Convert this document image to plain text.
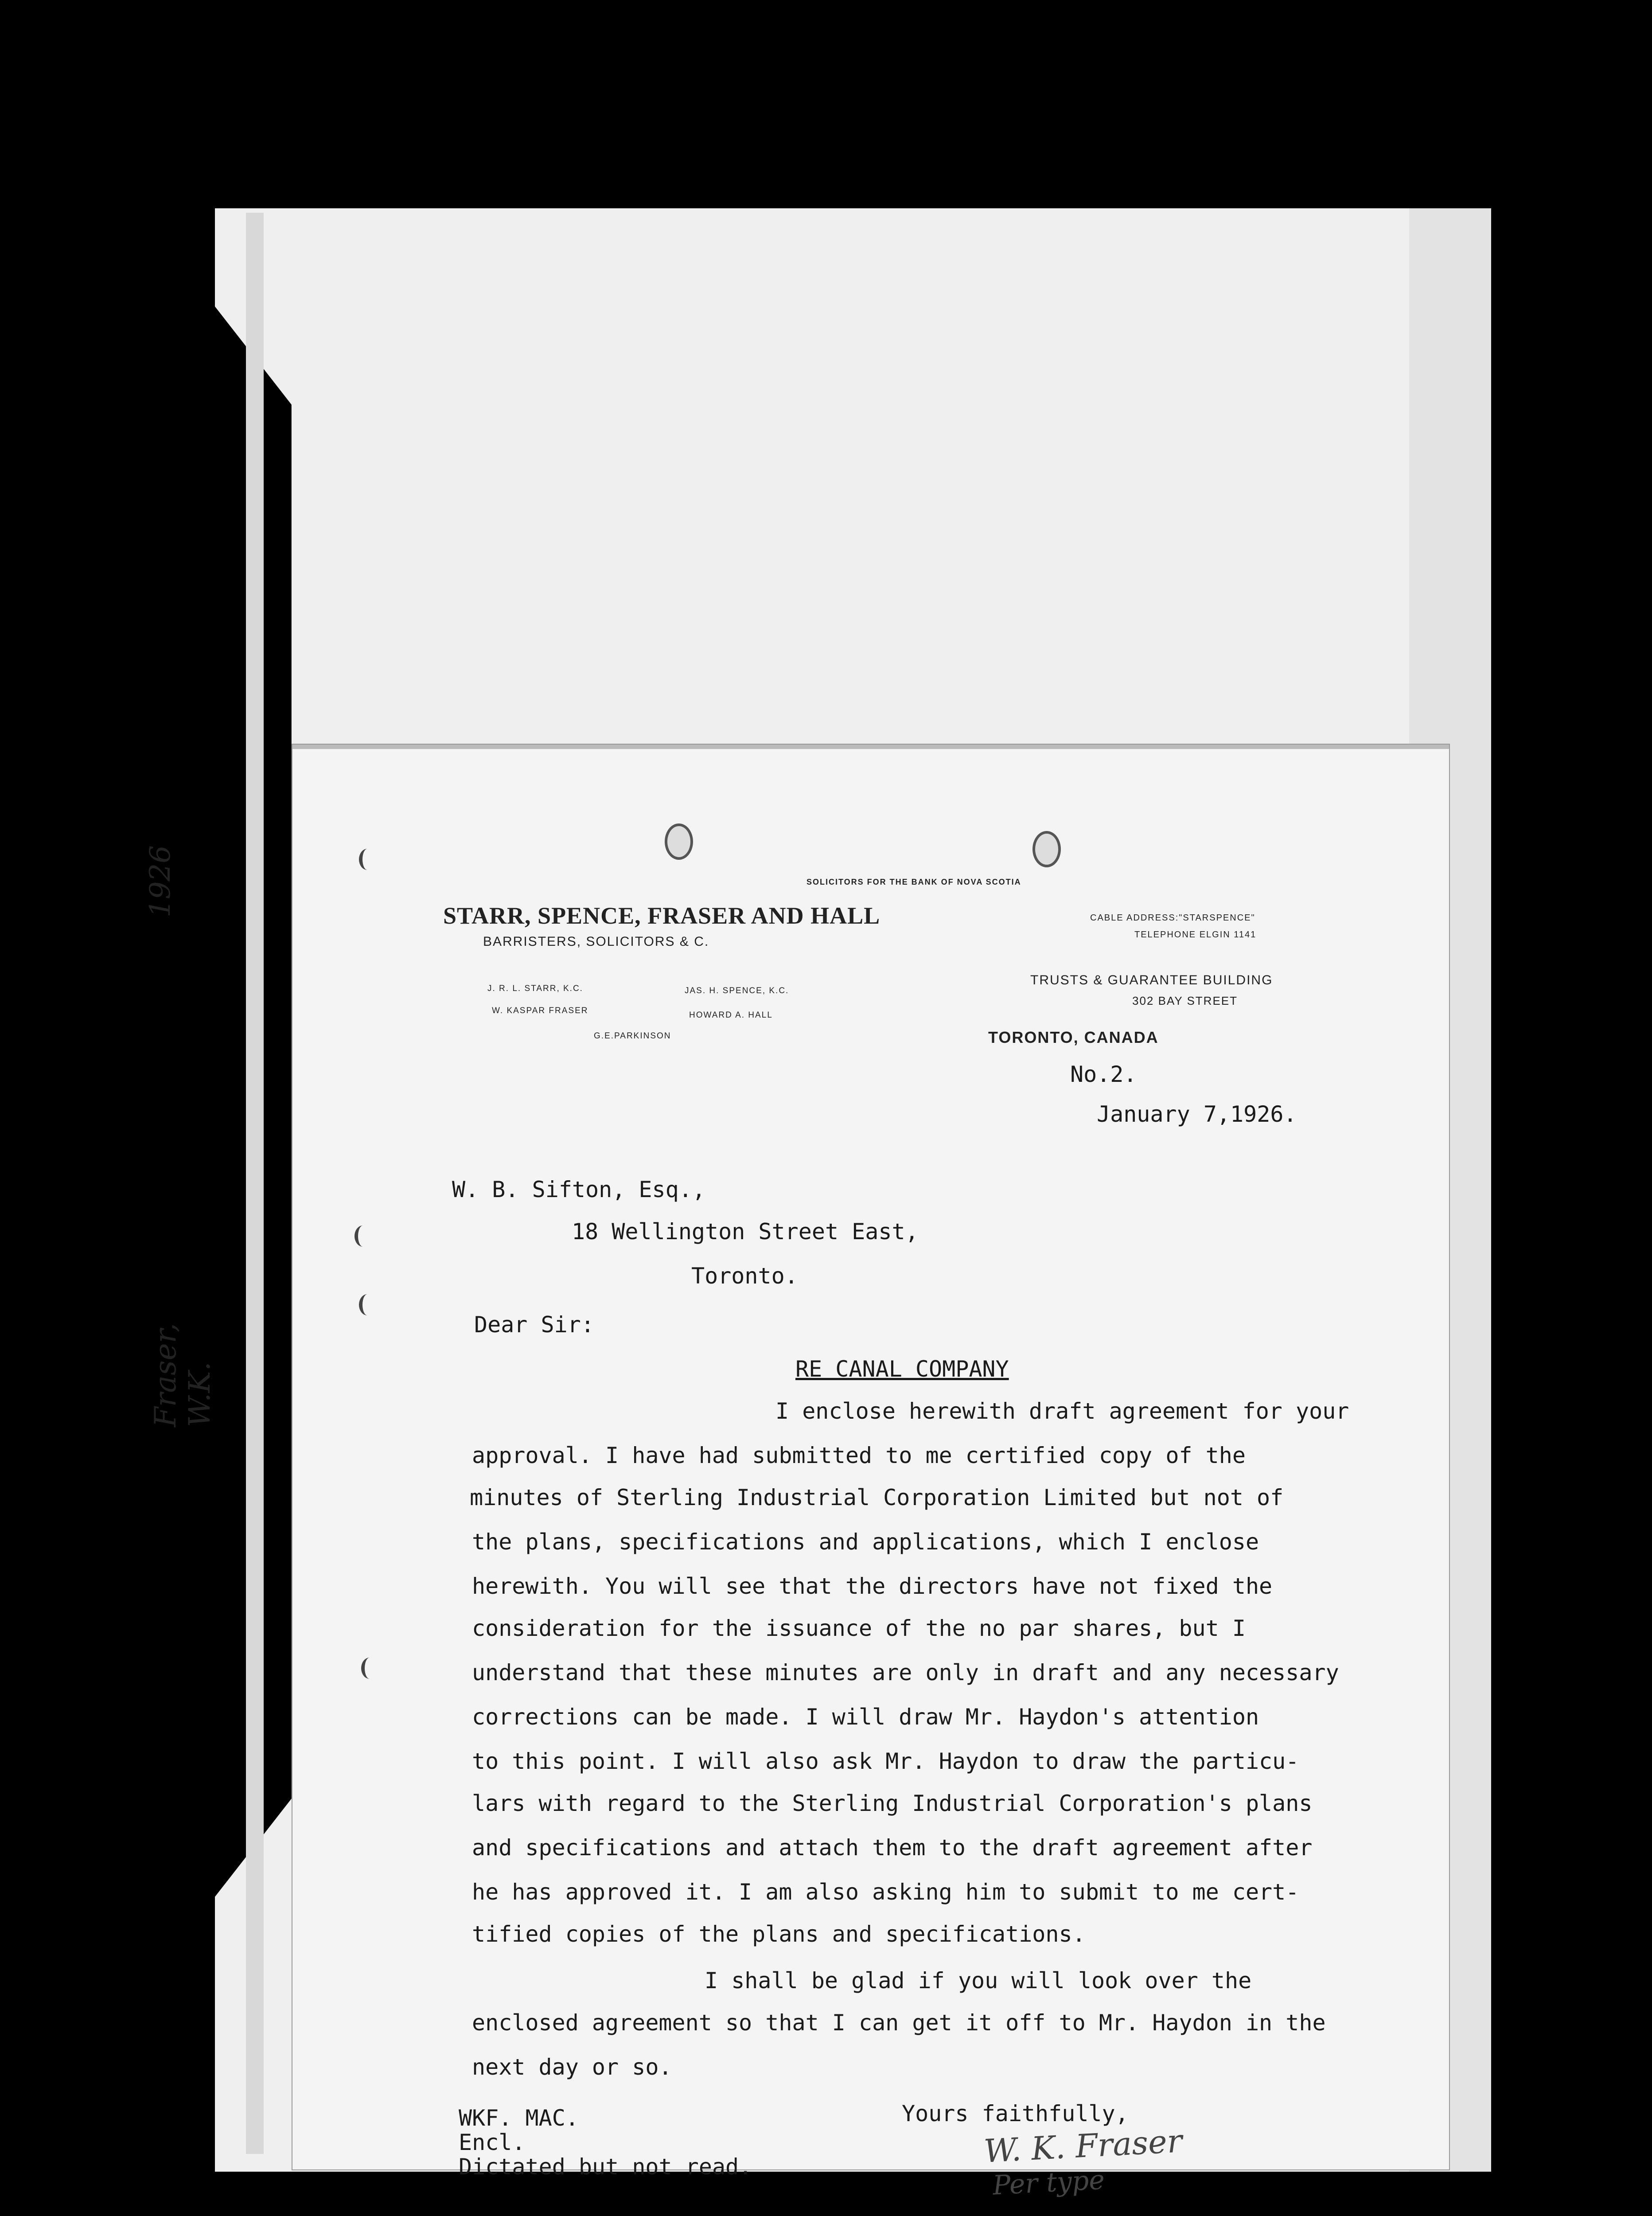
1926
Fraser, W.K.
SOLICITORS FOR THE BANK OF NOVA SCOTIA
STARR, SPENCE, FRASER AND HALL
BARRISTERS, SOLICITORS & C.
J. R. L. STARR, K.C.	JAS. H. SPENCE, K.C.
W. KASPAR FRASER	HOWARD A. HALL
G.E.PARKINSON
CABLE ADDRESS:"STARSPENCE"
TELEPHONE ELGIN 1141
TRUSTS & GUARANTEE BUILDING
302 BAY STREET
TORONTO, CANADA
No.2.
January 7,1926.
W. B. Sifton, Esq.,
18 Wellington Street East,
Toronto.
Dear Sir:
RE CANAL COMPANY
I enclose herewith draft agreement for your
approval. I have had submitted to me certified copy of the
minutes of Sterling Industrial Corporation Limited but not of
the plans, specifications and applications, which I enclose
herewith. You will see that the directors have not fixed the
consideration for the issuance of the no par shares, but I
understand that these minutes are only in draft and any necessary
corrections can be made. I will draw Mr. Haydon's attention
to this point. I will also ask Mr. Haydon to draw the particu-
lars with regard to the Sterling Industrial Corporation's plans
and specifications and attach them to the draft agreement after
he has approved it. I am also asking him to submit to me cert-
tified copies of the plans and specifications.
I shall be glad if you will look over the
enclosed agreement so that I can get it off to Mr. Haydon in the
next day or so.
Yours faithfully,
W. K. Fraser
Per type
WKF. MAC.
Encl.
Dictated but not read.
